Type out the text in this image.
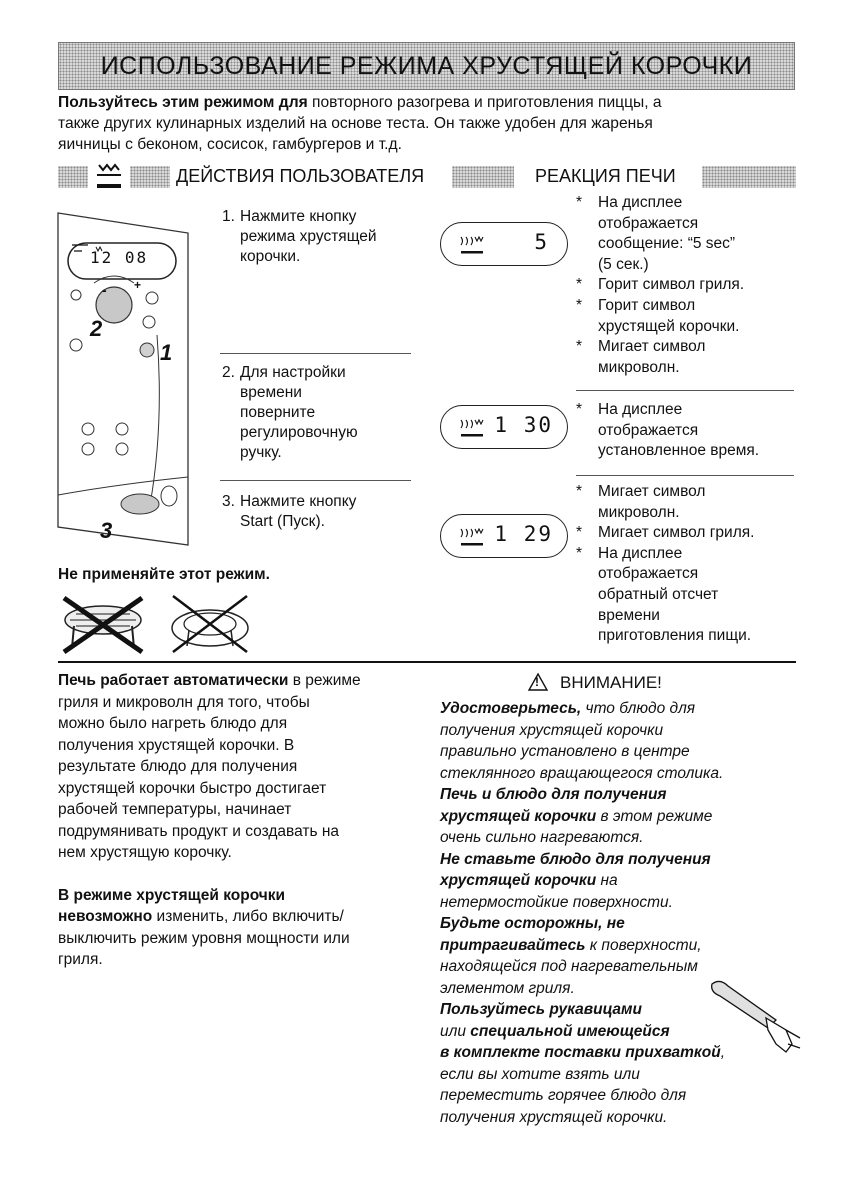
ИСПОЛЬЗОВАНИЕ РЕЖИМА ХРУСТЯЩЕЙ КОРОЧКИ
Пользуйтесь этим режимом для повторного разогрева и приготовления пиццы, а
также других кулинарных изделий на основе теста. Он также удобен для жаренья
яичницы с беконом, сосисок, гамбургеров и т.д.
ДЕЙСТВИЯ ПОЛЬЗОВАТЕЛЯ	РЕАКЦИЯ ПЕЧИ
12 08
- +
2
1
3
1. Нажмите кнопку
режима хрустящей
корочки.
2. Для настройки
времени
поверните
регулировочную
ручку.
3. Нажмите кнопку
Start (Пуск).
5
1 30
1 29
* На дисплее
отображается
сообщение: “5 sec”
(5 сек.)
* Горит символ гриля.
* Горит символ
хрустящей корочки.
* Мигает символ
микроволн.
* На дисплее
отображается
установленное время.
* Мигает символ
микроволн.
* Мигает символ гриля.
* На дисплее
отображается
обратный отсчет
времени
приготовления пищи.
Не применяйте этот режим.
Печь работает автоматически в режиме
гриля и микроволн для того, чтобы
можно было нагреть блюдо для
получения хрустящей корочки. В
результате блюдо для получения
хрустящей корочки быстро достигает
рабочей температуры, начинает
подрумянивать продукт и создавать на
нем хрустящую корочку.
В режиме хрустящей корочки
невозможно изменить, либо включить/
выключить режим уровня мощности или
гриля.
! ВНИМАНИЕ!
Удостоверьтесь, что блюдо для
получения хрустящей корочки
правильно установлено в центре
стеклянного вращающегося столика.
Печь и блюдо для получения
хрустящей корочки в этом режиме
очень сильно нагреваются.
Не ставьте блюдо для получения
хрустящей корочки на
нетермостойкие поверхности.
Будьте осторожны, не
притрагивайтесь к поверхности,
находящейся под нагревательным
элементом гриля.
Пользуйтесь рукавицами
или специальной имеющейся
в комплекте поставки прихваткой,
если вы хотите взять или
переместить горячее блюдо для
получения хрустящей корочки.
